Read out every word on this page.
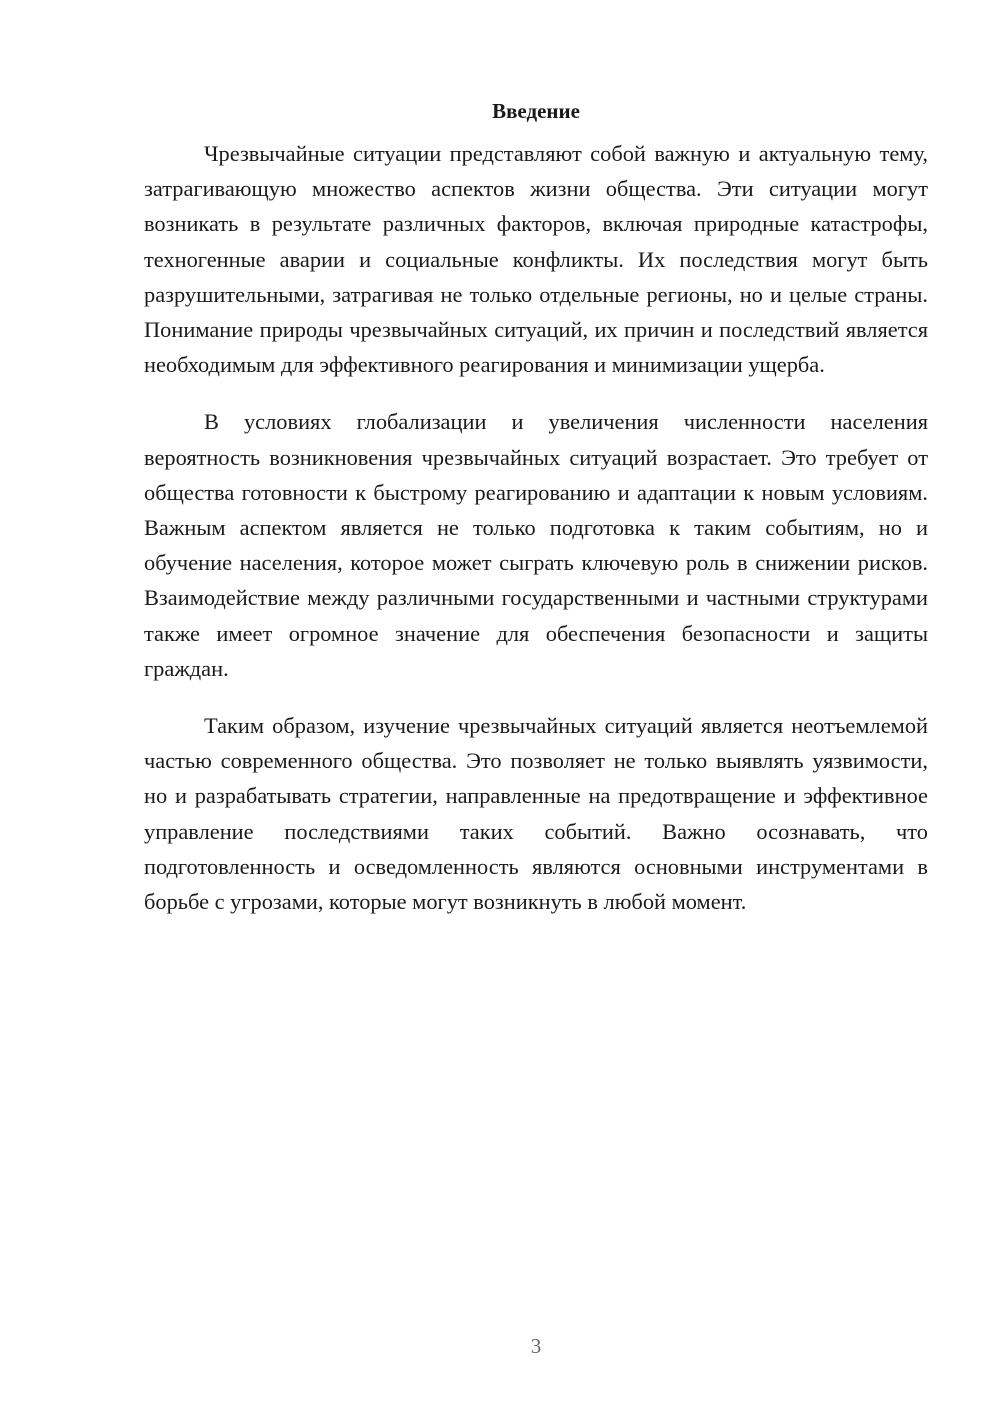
Введение

Чрезвычайные ситуации представляют собой важную и актуальную тему, затрагивающую множество аспектов жизни общества. Эти ситуации могут возникать в результате различных факторов, включая природные катастрофы, техногенные аварии и социальные конфликты. Их последствия могут быть разрушительными, затрагивая не только отдельные регионы, но и целые страны. Понимание природы чрезвычайных ситуаций, их причин и последствий является необходимым для эффективного реагирования и минимизации ущерба.

В условиях глобализации и увеличения численности населения вероятность возникновения чрезвычайных ситуаций возрастает. Это требует от общества готовности к быстрому реагированию и адаптации к новым условиям. Важным аспектом является не только подготовка к таким событиям, но и обучение населения, которое может сыграть ключевую роль в снижении рисков. Взаимодействие между различными государственными и частными структурами также имеет огромное значение для обеспечения безопасности и защиты граждан.

Таким образом, изучение чрезвычайных ситуаций является неотъемлемой частью современного общества. Это позволяет не только выявлять уязвимости, но и разрабатывать стратегии, направленные на предотвращение и эффективное управление последствиями таких событий. Важно осознавать, что подготовленность и осведомленность являются основными инструментами в борьбе с угрозами, которые могут возникнуть в любой момент.

3
